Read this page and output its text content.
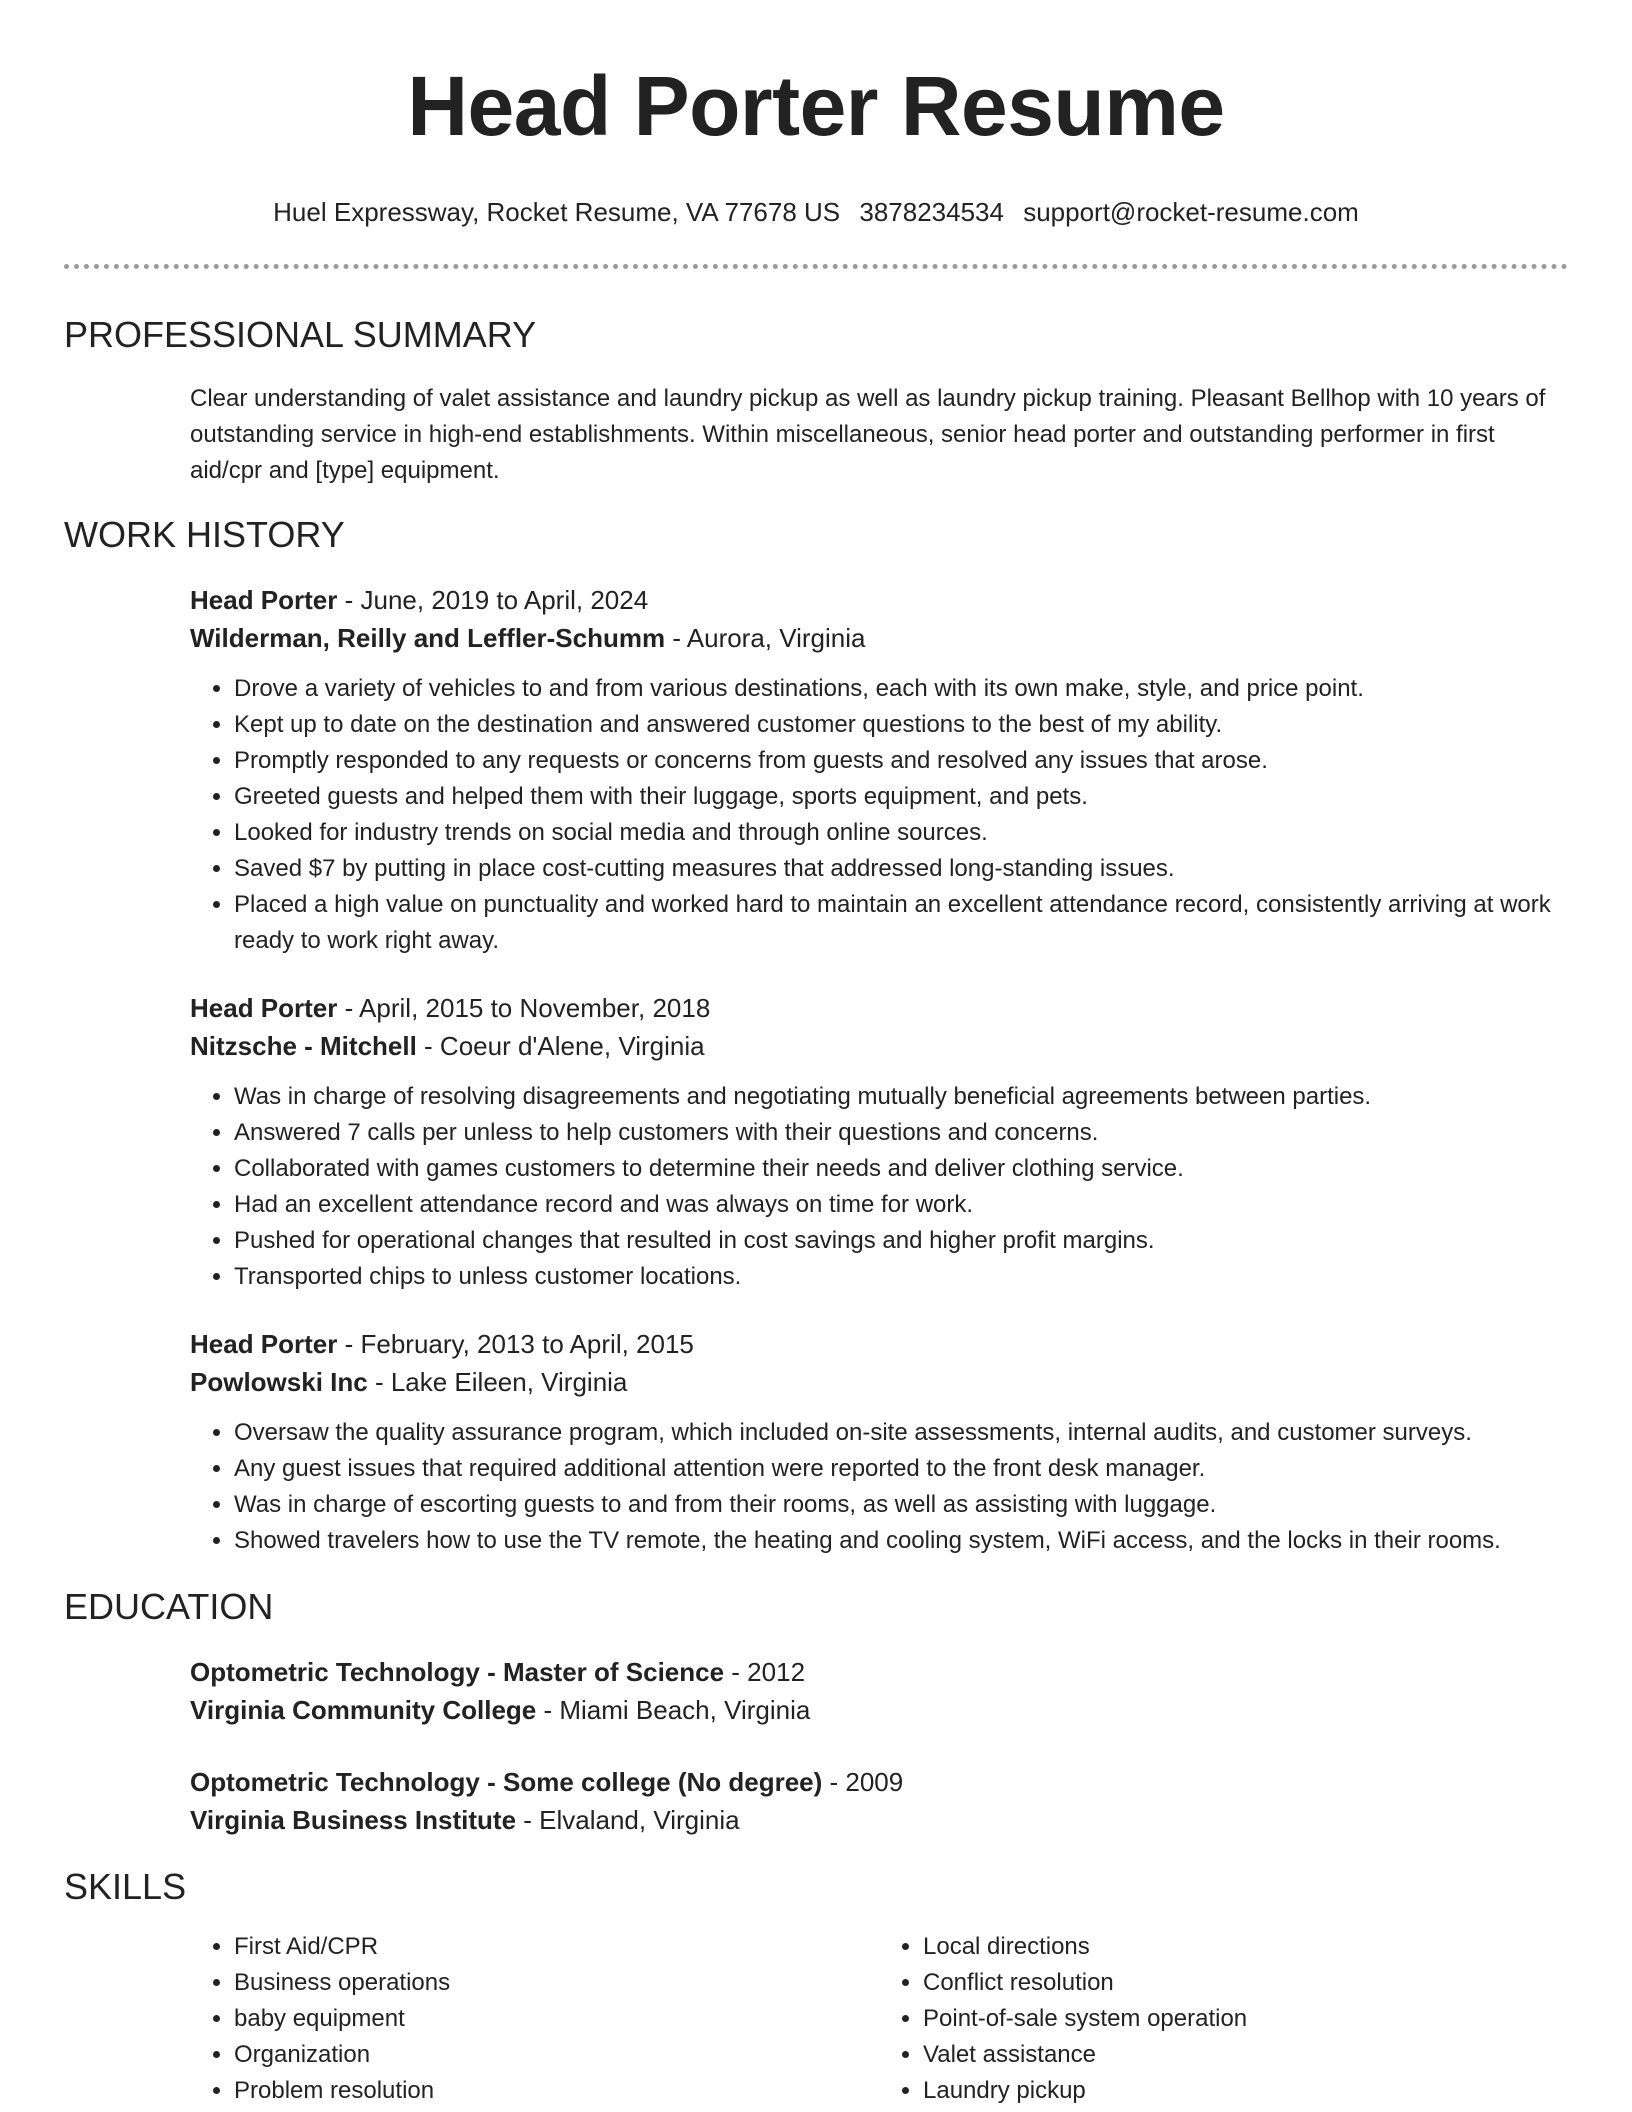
Head Porter Resume
Huel Expressway, Rocket Resume, VA 77678 US 3878234534 support@rocket-resume.com
PROFESSIONAL SUMMARY

Clear understanding of valet assistance and laundry pickup as well as laundry pickup training. Pleasant Bellhop with 10 years of outstanding service in high-end establishments. Within miscellaneous, senior head porter and outstanding performer in first aid/cpr and [type] equipment.

WORK HISTORY
Head Porter - June, 2019 to April, 2024
Wilderman, Reilly and Leffler-Schumm - Aurora, Virginia
• Drove a variety of vehicles to and from various destinations, each with its own make, style, and price point.
• Kept up to date on the destination and answered customer questions to the best of my ability.
• Promptly responded to any requests or concerns from guests and resolved any issues that arose.
• Greeted guests and helped them with their luggage, sports equipment, and pets.
• Looked for industry trends on social media and through online sources.
• Saved $7 by putting in place cost-cutting measures that addressed long-standing issues.
• Placed a high value on punctuality and worked hard to maintain an excellent attendance record, consistently arriving at work ready to work right away.
Head Porter - April, 2015 to November, 2018
Nitzsche - Mitchell - Coeur d'Alene, Virginia
• Was in charge of resolving disagreements and negotiating mutually beneficial agreements between parties.
• Answered 7 calls per unless to help customers with their questions and concerns.
• Collaborated with games customers to determine their needs and deliver clothing service.
• Had an excellent attendance record and was always on time for work.
• Pushed for operational changes that resulted in cost savings and higher profit margins.
• Transported chips to unless customer locations.
Head Porter - February, 2013 to April, 2015
Powlowski Inc - Lake Eileen, Virginia
• Oversaw the quality assurance program, which included on-site assessments, internal audits, and customer surveys.
• Any guest issues that required additional attention were reported to the front desk manager.
• Was in charge of escorting guests to and from their rooms, as well as assisting with luggage.
• Showed travelers how to use the TV remote, the heating and cooling system, WiFi access, and the locks in their rooms.
EDUCATION
Optometric Technology - Master of Science - 2012
Virginia Community College - Miami Beach, Virginia
Optometric Technology - Some college (No degree) - 2009
Virginia Business Institute - Elvaland, Virginia
SKILLS
• First Aid/CPR
• Business operations
• baby equipment
• Organization
• Problem resolution
• Local directions
• Conflict resolution
• Point-of-sale system operation
• Valet assistance
• Laundry pickup
